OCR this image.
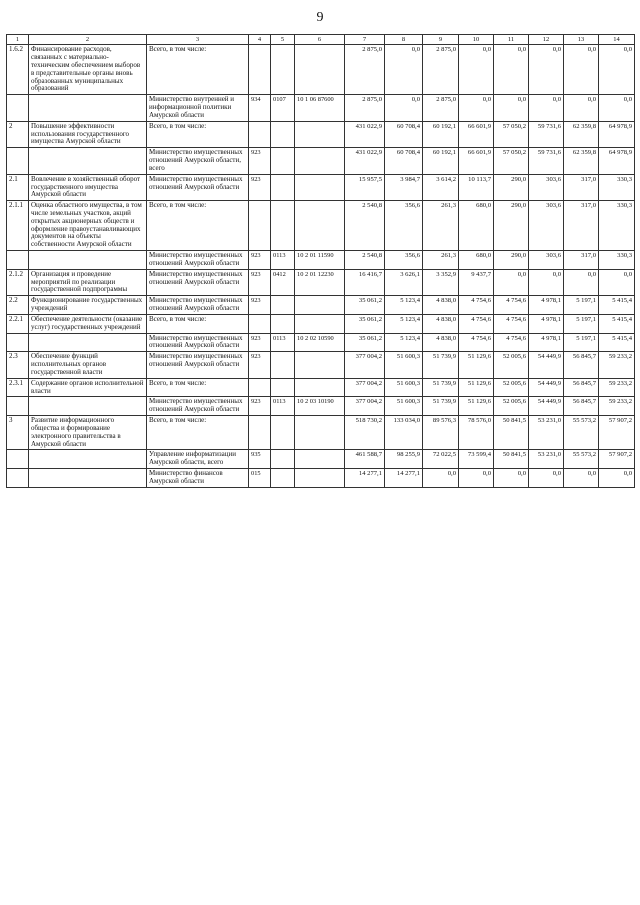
9
1	2	3	4	5	6	7	8	9	10	11	12	13	14
1.6.2	Финансирование расходов, связанных с материально-техническим обеспечением выборов в представительные органы вновь образованных муниципальных образований	Всего, в том числе:				2 875,0	0,0	2 875,0	0,0	0,0	0,0	0,0	0,0
		Министерство внутренней и информационной политики Амурской области	934	0107	10 1 06 87600	2 875,0	0,0	2 875,0	0,0	0,0	0,0	0,0	0,0
2	Повышение эффективности использования государственного имущества Амурской области	Всего, в том числе:				431 022,9	60 708,4	60 192,1	66 601,9	57 050,2	59 731,6	62 359,8	64 978,9
		Министерство имущественных отношений Амурской области, всего	923			431 022,9	60 708,4	60 192,1	66 601,9	57 050,2	59 731,6	62 359,8	64 978,9
2.1	Вовлечение в хозяйственный оборот государственного имущества Амурской области	Министерство имущественных отношений Амурской области	923			15 957,5	3 984,7	3 614,2	10 113,7	290,0	303,6	317,0	330,3
2.1.1	Оценка областного имущества, в том числе земельных участков, акций открытых акционерных обществ и оформление правоустанавливающих документов на объекты собственности Амурской области	Всего, в том числе:				2 540,8	356,6	261,3	680,0	290,0	303,6	317,0	330,3
		Министерство имущественных отношений Амурской области	923	0113	10 2 01 11590	2 540,8	356,6	261,3	680,0	290,0	303,6	317,0	330,3
2.1.2	Организация и проведение мероприятий по реализации государственной подпрограммы	Министерство имущественных отношений Амурской области	923	0412	10 2 01 12230	16 416,7	3 626,1	3 352,9	9 437,7	0,0	0,0	0,0	0,0
2.2	Функционирование государственных учреждений	Министерство имущественных отношений Амурской области	923			35 061,2	5 123,4	4 838,0	4 754,6	4 754,6	4 978,1	5 197,1	5 415,4
2.2.1	Обеспечение деятельности (оказание услуг) государственных учреждений	Всего, в том числе:				35 061,2	5 123,4	4 838,0	4 754,6	4 754,6	4 978,1	5 197,1	5 415,4
		Министерство имущественных отношений Амурской области	923	0113	10 2 02 10590	35 061,2	5 123,4	4 838,0	4 754,6	4 754,6	4 978,1	5 197,1	5 415,4
2.3	Обеспечение функций исполнительных органов государственной власти	Министерство имущественных отношений Амурской области	923			377 004,2	51 600,3	51 739,9	51 129,6	52 005,6	54 449,9	56 845,7	59 233,2
2.3.1	Содержание органов исполнительной власти	Всего, в том числе:				377 004,2	51 600,3	51 739,9	51 129,6	52 005,6	54 449,9	56 845,7	59 233,2
		Министерство имущественных отношений Амурской области	923	0113	10 2 03 10190	377 004,2	51 600,3	51 739,9	51 129,6	52 005,6	54 449,9	56 845,7	59 233,2
3	Развитие информационного общества и формирование электронного правительства в Амурской области	Всего, в том числе:				518 730,2	133 034,0	89 576,3	78 576,0	50 841,5	53 231,0	55 573,2	57 907,2
		Управление информатизации Амурской области, всего	935			461 588,7	98 255,9	72 022,5	73 599,4	50 841,5	53 231,0	55 573,2	57 907,2
		Министерство финансов Амурской области	015			14 277,1	14 277,1	0,0	0,0	0,0	0,0	0,0	0,0
